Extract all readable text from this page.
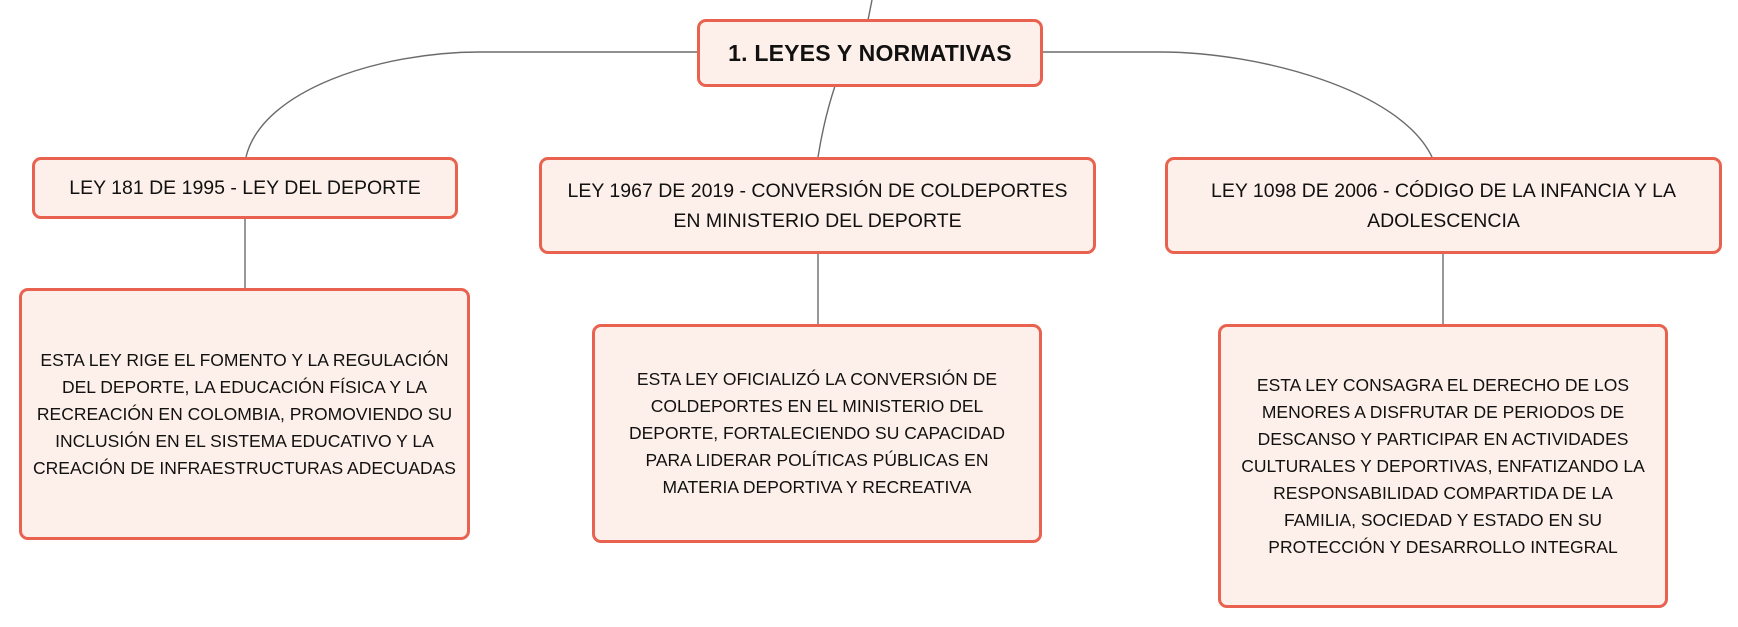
1. LEYES Y NORMATIVAS
LEY 181 DE 1995 - LEY DEL DEPORTE	LEY 1967 DE 2019 - CONVERSIÓN DE COLDEPORTES EN MINISTERIO DEL DEPORTE
LEY 1098 DE 2006 - CÓDIGO DE LA INFANCIA Y LA ADOLESCENCIA
ESTA LEY RIGE EL FOMENTO Y LA REGULACIÓN DEL DEPORTE, LA EDUCACIÓN FÍSICA Y LA RECREACIÓN EN COLOMBIA, PROMOVIENDO SU INCLUSIÓN EN EL SISTEMA EDUCATIVO Y LA CREACIÓN DE INFRAESTRUCTURAS ADECUADAS
ESTA LEY OFICIALIZÓ LA CONVERSIÓN DE COLDEPORTES EN EL MINISTERIO DEL DEPORTE, FORTALECIENDO SU CAPACIDAD PARA LIDERAR POLÍTICAS PÚBLICAS EN MATERIA DEPORTIVA Y RECREATIVA
ESTA LEY CONSAGRA EL DERECHO DE LOS MENORES A DISFRUTAR DE PERIODOS DE DESCANSO Y PARTICIPAR EN ACTIVIDADES CULTURALES Y DEPORTIVAS, ENFATIZANDO LA RESPONSABILIDAD COMPARTIDA DE LA FAMILIA, SOCIEDAD Y ESTADO EN SU PROTECCIÓN Y DESARROLLO INTEGRAL
